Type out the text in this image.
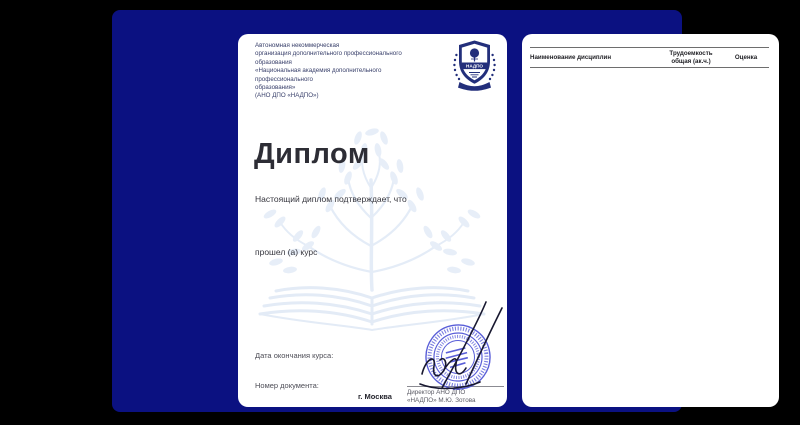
Автономная некоммерческая
организация дополнительного профессионального образования
«Национальная академия дополнительного профессионального
образования»
(АНО ДПО «НАДПО»)
НАДПО
Диплом
Настоящий диплом подтверждает, что
прошел (а) курс
Дата окончания курса:
Номер документа:
г. Москва Директор АНО ДПО
«НАДПО» М.Ю. Зотова
Наименование дисциплин
Трудоемкость
общая (ак.ч.)	Оценка
